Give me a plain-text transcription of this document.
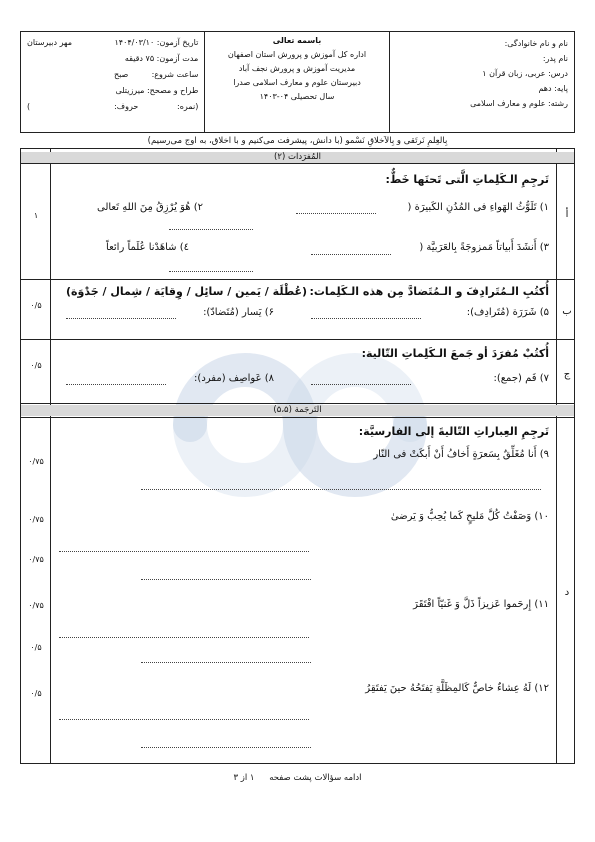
تاریخ آزمون: ۱۴۰۴/۰۳/۱۰
مهر دبیرستان
مدت آزمون: ۷۵ دقیقه
ساعت شروع:
صبح
طراح و مصحح: میرزیتلی
(نمره:
حروف:
)
باسمه تعالی
اداره کل آموزش و پرورش استان اصفهان
مدیریت آموزش و پرورش نجف آباد
دبیرستان علوم و معارف اسلامی صدرا
سال تحصیلی ۰۴-۱۴۰۳
نام و نام خانوادگی:
نام پدر:
درس: عربی، زبان قرآن ۱
پایه: دهم
رشته: علوم و معارف اسلامی
بِالعِلمِ نَرتَقی و بِالاَخلاقِ نَسْمو (با دانش، پیشرفت می‌کنیم و با اخلاق، به اوج می‌رسیم)
المُفرَدات (۲)
أ
۱
تَرجِمِ الـکَلِماتِ الَّتی تَحتَها خَطٌّ:
۱) تَلَوُّثُ الهَواءِ فی المُدُنِ الکَبیرَة (
۲) هُوَ یُرْزِقُ مِنَ اللهِ تَعالی
۳) أَنشَدَ أَبیاتاً مَمزوجَةً بِالعَرَبیَّة (
٤) شاهَدْنا عُلَماً رائعاً
ب
۰/۵
أُکتُبِ الـمُتَرادِفَ و الـمُتَضادَّ مِن هذه الـکَلِمات:
(عُطْلَة / یَمین / سائِل / وِقایَة / شِمال / جَدْوَة)
۵) شَرَرَة (مُتَرادِف):
۶) یَسار (مُتَضادّ):
ج
۰/۵
أُکتُبْ مُفرَدَ أو جَمعَ الـکَلِماتِ التّالیة:
۷) فَم (جمع):
۸) عَواصِف (مفرد):
التَرجَمة (۵،۵)
د
تَرجِمِ العِباراتِ التّالیةَ إلی الفارسیَّة:
۹) أَنا مُغَلِّقٌ بِسَعرَةٍ أَخافُ أَنْ أَبکَتْ فی النّار
۰/۷۵
۱۰) وَصَفْتُ کُلَّ مَلیحٍ کَما یُحِبُّ وَ یَرضیٰ
۰/۷۵
۰/۷۵
۱۱) إِرحَموا عَزیزاً ذَلَّ وَ غَنیّاً افْتَقَرَ
۰/۷۵
۰/۵
۱۲) لَهُ عِشاءٌ خاصٌّ کَالمِظَلَّةِ یَفتَحُهُ حینَ یَفتَقِرُ
۰/۵
ادامه سؤالات پشت صفحه ۱ از ۳
